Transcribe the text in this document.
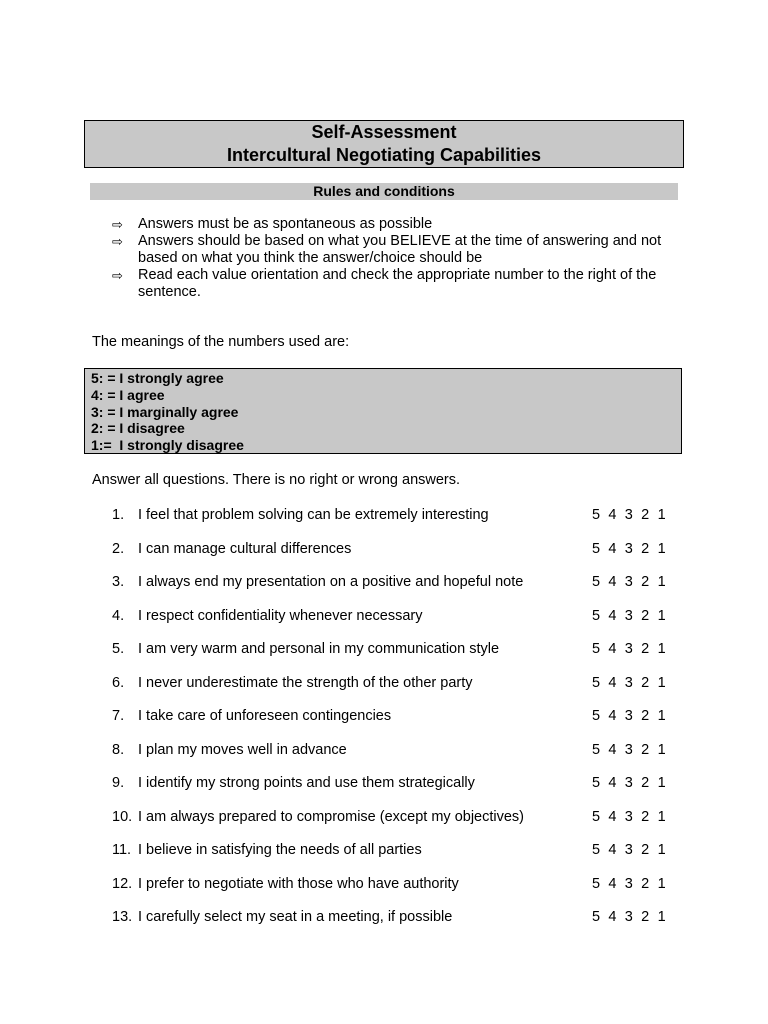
Self-Assessment
Intercultural Negotiating Capabilities
Rules and conditions
⇨	Answers must be as spontaneous as possible
⇨	Answers should be based on what you BELIEVE at the time of answering and not based on what you think the answer/choice should be
⇨	Read each value orientation and check the appropriate number to the right of the sentence.
The meanings of the numbers used are:
5: = I strongly agree
4: = I agree
3: = I marginally agree
2: = I disagree
1:=  I strongly disagree
Answer all questions. There is no right or wrong answers.
1. I feel that problem solving can be extremely interesting	5 4 3 2 1
2. I can manage cultural differences	5 4 3 2 1
3. I always end my presentation on a positive and hopeful note	5 4 3 2 1
4. I respect confidentiality whenever necessary	5 4 3 2 1
5. I am very warm and personal in my communication style	5 4 3 2 1
6. I never underestimate the strength of the other party	5 4 3 2 1
7. I take care of unforeseen contingencies	5 4 3 2 1
8. I plan my moves well in advance	5 4 3 2 1
9. I identify my strong points and use them strategically	5 4 3 2 1
10. I am always prepared to compromise (except my objectives)	5 4 3 2 1
11. I believe in satisfying the needs of all parties	5 4 3 2 1
12. I prefer to negotiate with those who have authority	5 4 3 2 1
13. I carefully select my seat in a meeting, if possible	5 4 3 2 1
